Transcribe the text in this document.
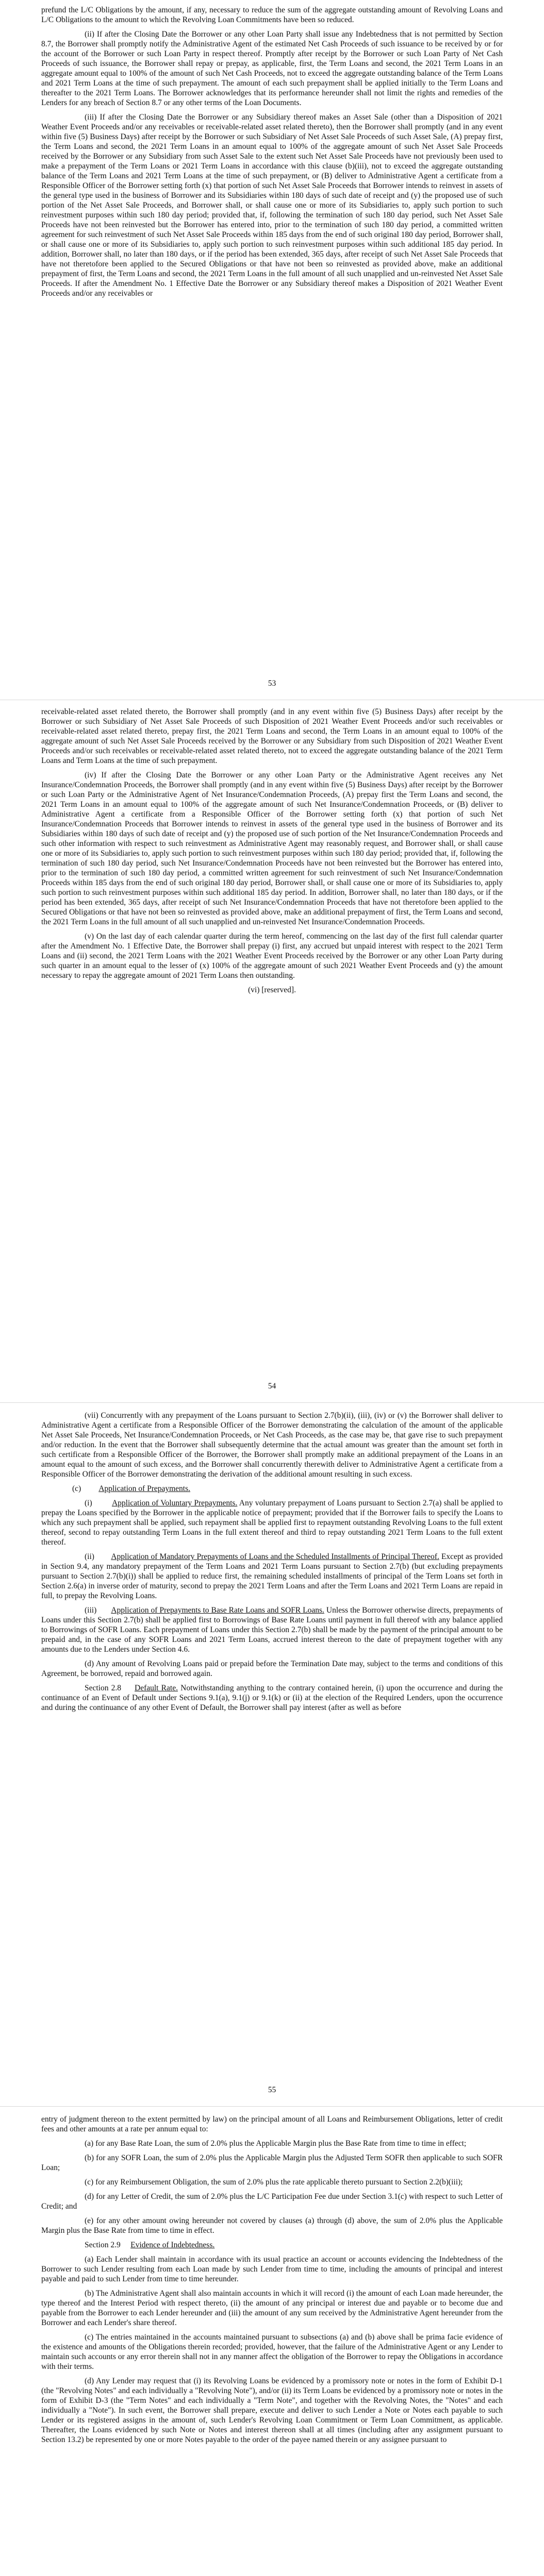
prefund the L/C Obligations by the amount, if any, necessary to reduce the sum of the aggregate outstanding amount of Revolving Loans and L/C Obligations to the amount to which the Revolving Loan Commitments have been so reduced.

(ii) If after the Closing Date the Borrower or any other Loan Party shall issue any Indebtedness that is not permitted by Section 8.7, the Borrower shall promptly notify the Administrative Agent of the estimated Net Cash Proceeds of such issuance to be received by or for the account of the Borrower or such Loan Party in respect thereof. Promptly after receipt by the Borrower or such Loan Party of Net Cash Proceeds of such issuance, the Borrower shall repay or prepay, as applicable, first, the Term Loans and second, the 2021 Term Loans in an aggregate amount equal to 100% of the amount of such Net Cash Proceeds, not to exceed the aggregate outstanding balance of the Term Loans and 2021 Term Loans at the time of such prepayment. The amount of each such prepayment shall be applied initially to the Term Loans and thereafter to the 2021 Term Loans. The Borrower acknowledges that its performance hereunder shall not limit the rights and remedies of the Lenders for any breach of Section 8.7 or any other terms of the Loan Documents.

(iii) If after the Closing Date the Borrower or any Subsidiary thereof makes an Asset Sale (other than a Disposition of 2021 Weather Event Proceeds and/or any receivables or receivable-related asset related thereto), then the Borrower shall promptly (and in any event within five (5) Business Days) after receipt by the Borrower or such Subsidiary of Net Asset Sale Proceeds of such Asset Sale, (A) prepay first, the Term Loans and second, the 2021 Term Loans in an amount equal to 100% of the aggregate amount of such Net Asset Sale Proceeds received by the Borrower or any Subsidiary from such Asset Sale to the extent such Net Asset Sale Proceeds have not previously been used to make a prepayment of the Term Loans or 2021 Term Loans in accordance with this clause (b)(iii), not to exceed the aggregate outstanding balance of the Term Loans and 2021 Term Loans at the time of such prepayment, or (B) deliver to Administrative Agent a certificate from a Responsible Officer of the Borrower setting forth (x) that portion of such Net Asset Sale Proceeds that Borrower intends to reinvest in assets of the general type used in the business of Borrower and its Subsidiaries within 180 days of such date of receipt and (y) the proposed use of such portion of the Net Asset Sale Proceeds, and Borrower shall, or shall cause one or more of its Subsidiaries to, apply such portion to such reinvestment purposes within such 180 day period; provided that, if, following the termination of such 180 day period, such Net Asset Sale Proceeds have not been reinvested but the Borrower has entered into, prior to the termination of such 180 day period, a committed written agreement for such reinvestment of such Net Asset Sale Proceeds within 185 days from the end of such original 180 day period, Borrower shall, or shall cause one or more of its Subsidiaries to, apply such portion to such reinvestment purposes within such additional 185 day period. In addition, Borrower shall, no later than 180 days, or if the period has been extended, 365 days, after receipt of such Net Asset Sale Proceeds that have not theretofore been applied to the Secured Obligations or that have not been so reinvested as provided above, make an additional prepayment of first, the Term Loans and second, the 2021 Term Loans in the full amount of all such unapplied and un-reinvested Net Asset Sale Proceeds. If after the Amendment No. 1 Effective Date the Borrower or any Subsidiary thereof makes a Disposition of 2021 Weather Event Proceeds and/or any receivables or

53

receivable-related asset related thereto, the Borrower shall promptly (and in any event within five (5) Business Days) after receipt by the Borrower or such Subsidiary of Net Asset Sale Proceeds of such Disposition of 2021 Weather Event Proceeds and/or such receivables or receivable-related asset related thereto, prepay first, the 2021 Term Loans and second, the Term Loans in an amount equal to 100% of the aggregate amount of such Net Asset Sale Proceeds received by the Borrower or any Subsidiary from such Disposition of 2021 Weather Event Proceeds and/or such receivables or receivable-related asset related thereto, not to exceed the aggregate outstanding balance of the 2021 Term Loans and Term Loans at the time of such prepayment.

(iv) If after the Closing Date the Borrower or any other Loan Party or the Administrative Agent receives any Net Insurance/Condemnation Proceeds, the Borrower shall promptly (and in any event within five (5) Business Days) after receipt by the Borrower or such Loan Party or the Administrative Agent of Net Insurance/Condemnation Proceeds, (A) prepay first the Term Loans and second, the 2021 Term Loans in an amount equal to 100% of the aggregate amount of such Net Insurance/Condemnation Proceeds, or (B) deliver to Administrative Agent a certificate from a Responsible Officer of the Borrower setting forth (x) that portion of such Net Insurance/Condemnation Proceeds that Borrower intends to reinvest in assets of the general type used in the business of Borrower and its Subsidiaries within 180 days of such date of receipt and (y) the proposed use of such portion of the Net Insurance/Condemnation Proceeds and such other information with respect to such reinvestment as Administrative Agent may reasonably request, and Borrower shall, or shall cause one or more of its Subsidiaries to, apply such portion to such reinvestment purposes within such 180 day period; provided that, if, following the termination of such 180 day period, such Net Insurance/Condemnation Proceeds have not been reinvested but the Borrower has entered into, prior to the termination of such 180 day period, a committed written agreement for such reinvestment of such Net Insurance/Condemnation Proceeds within 185 days from the end of such original 180 day period, Borrower shall, or shall cause one or more of its Subsidiaries to, apply such portion to such reinvestment purposes within such additional 185 day period. In addition, Borrower shall, no later than 180 days, or if the period has been extended, 365 days, after receipt of such Net Insurance/Condemnation Proceeds that have not theretofore been applied to the Secured Obligations or that have not been so reinvested as provided above, make an additional prepayment of first, the Term Loans and second, the 2021 Term Loans in the full amount of all such unapplied and un-reinvested Net Insurance/Condemnation Proceeds.

(v) On the last day of each calendar quarter during the term hereof, commencing on the last day of the first full calendar quarter after the Amendment No. 1 Effective Date, the Borrower shall prepay (i) first, any accrued but unpaid interest with respect to the 2021 Term Loans and (ii) second, the 2021 Term Loans with the 2021 Weather Event Proceeds received by the Borrower or any other Loan Party during such quarter in an amount equal to the lesser of (x) 100% of the aggregate amount of such 2021 Weather Event Proceeds and (y) the amount necessary to repay the aggregate amount of 2021 Term Loans then outstanding.

(vi) [reserved].

54

(vii) Concurrently with any prepayment of the Loans pursuant to Section 2.7(b)(ii), (iii), (iv) or (v) the Borrower shall deliver to Administrative Agent a certificate from a Responsible Officer of the Borrower demonstrating the calculation of the amount of the applicable Net Asset Sale Proceeds, Net Insurance/Condemnation Proceeds, or Net Cash Proceeds, as the case may be, that gave rise to such prepayment and/or reduction. In the event that the Borrower shall subsequently determine that the actual amount was greater than the amount set forth in such certificate from a Responsible Officer of the Borrower, the Borrower shall promptly make an additional prepayment of the Loans in an amount equal to the amount of such excess, and the Borrower shall concurrently therewith deliver to Administrative Agent a certificate from a Responsible Officer of the Borrower demonstrating the derivation of the additional amount resulting in such excess.

(c) Application of Prepayments.

(i) Application of Voluntary Prepayments. Any voluntary prepayment of Loans pursuant to Section 2.7(a) shall be applied to prepay the Loans specified by the Borrower in the applicable notice of prepayment; provided that if the Borrower fails to specify the Loans to which any such prepayment shall be applied, such repayment shall be applied first to repayment outstanding Revolving Loans to the full extent thereof, second to repay outstanding Term Loans in the full extent thereof and third to repay outstanding 2021 Term Loans to the full extent thereof.

(ii) Application of Mandatory Prepayments of Loans and the Scheduled Installments of Principal Thereof. Except as provided in Section 9.4, any mandatory prepayment of the Term Loans and 2021 Term Loans pursuant to Section 2.7(b) (but excluding prepayments pursuant to Section 2.7(b)(i)) shall be applied to reduce first, the remaining scheduled installments of principal of the Term Loans set forth in Section 2.6(a) in inverse order of maturity, second to prepay the 2021 Term Loans and after the Term Loans and 2021 Term Loans are repaid in full, to prepay the Revolving Loans.

(iii) Application of Prepayments to Base Rate Loans and SOFR Loans. Unless the Borrower otherwise directs, prepayments of Loans under this Section 2.7(b) shall be applied first to Borrowings of Base Rate Loans until payment in full thereof with any balance applied to Borrowings of SOFR Loans. Each prepayment of Loans under this Section 2.7(b) shall be made by the payment of the principal amount to be prepaid and, in the case of any SOFR Loans and 2021 Term Loans, accrued interest thereon to the date of prepayment together with any amounts due to the Lenders under Section 4.6.

(d) Any amount of Revolving Loans paid or prepaid before the Termination Date may, subject to the terms and conditions of this Agreement, be borrowed, repaid and borrowed again.

Section 2.8 Default Rate. Notwithstanding anything to the contrary contained herein, (i) upon the occurrence and during the continuance of an Event of Default under Sections 9.1(a), 9.1(j) or 9.1(k) or (ii) at the election of the Required Lenders, upon the occurrence and during the continuance of any other Event of Default, the Borrower shall pay interest (after as well as before

55

entry of judgment thereon to the extent permitted by law) on the principal amount of all Loans and Reimbursement Obligations, letter of credit fees and other amounts at a rate per annum equal to:

(a) for any Base Rate Loan, the sum of 2.0% plus the Applicable Margin plus the Base Rate from time to time in effect;

(b) for any SOFR Loan, the sum of 2.0% plus the Applicable Margin plus the Adjusted Term SOFR then applicable to such SOFR Loan;

(c) for any Reimbursement Obligation, the sum of 2.0% plus the rate applicable thereto pursuant to Section 2.2(b)(iii);

(d) for any Letter of Credit, the sum of 2.0% plus the L/C Participation Fee due under Section 3.1(c) with respect to such Letter of Credit; and

(e) for any other amount owing hereunder not covered by clauses (a) through (d) above, the sum of 2.0% plus the Applicable Margin plus the Base Rate from time to time in effect.

Section 2.9 Evidence of Indebtedness.

(a) Each Lender shall maintain in accordance with its usual practice an account or accounts evidencing the Indebtedness of the Borrower to such Lender resulting from each Loan made by such Lender from time to time, including the amounts of principal and interest payable and paid to such Lender from time to time hereunder.

(b) The Administrative Agent shall also maintain accounts in which it will record (i) the amount of each Loan made hereunder, the type thereof and the Interest Period with respect thereto, (ii) the amount of any principal or interest due and payable or to become due and payable from the Borrower to each Lender hereunder and (iii) the amount of any sum received by the Administrative Agent hereunder from the Borrower and each Lender's share thereof.

(c) The entries maintained in the accounts maintained pursuant to subsections (a) and (b) above shall be prima facie evidence of the existence and amounts of the Obligations therein recorded; provided, however, that the failure of the Administrative Agent or any Lender to maintain such accounts or any error therein shall not in any manner affect the obligation of the Borrower to repay the Obligations in accordance with their terms.

(d) Any Lender may request that (i) its Revolving Loans be evidenced by a promissory note or notes in the form of Exhibit D-1 (the "Revolving Notes" and each individually a "Revolving Note"), and/or (ii) its Term Loans be evidenced by a promissory note or notes in the form of Exhibit D-3 (the "Term Notes" and each individually a "Term Note", and together with the Revolving Notes, the "Notes" and each individually a "Note"). In such event, the Borrower shall prepare, execute and deliver to such Lender a Note or Notes each payable to such Lender or its registered assigns in the amount of, such Lender's Revolving Loan Commitment or Term Loan Commitment, as applicable. Thereafter, the Loans evidenced by such Note or Notes and interest thereon shall at all times (including after any assignment pursuant to Section 13.2) be represented by one or more Notes payable to the order of the payee named therein or any assignee pursuant to
